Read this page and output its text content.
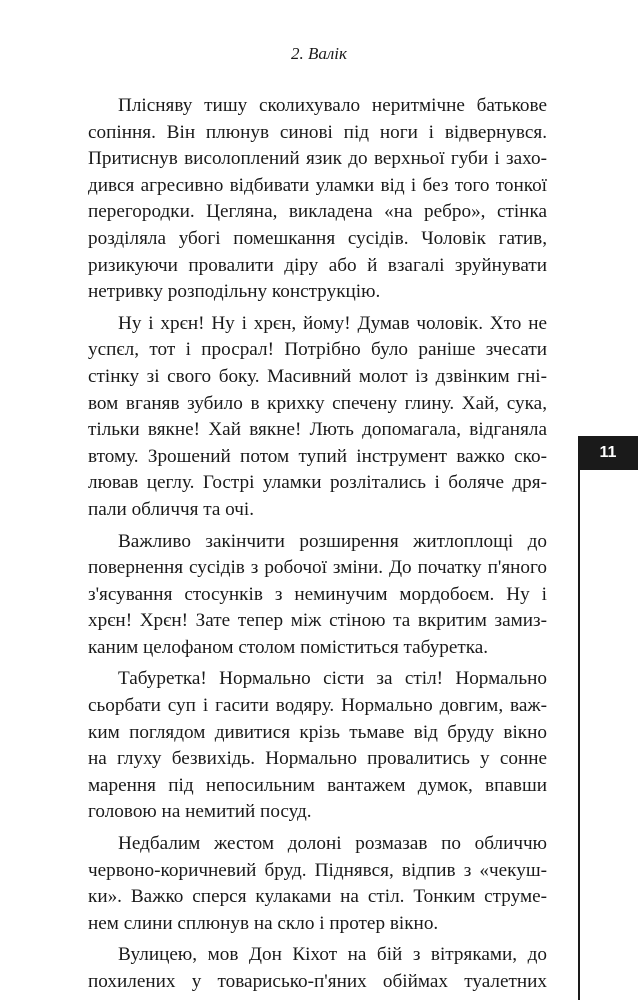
2. Валік

Плісняву тишу сколихувало неритмічне батькове
сопіння. Він плюнув синові під ноги і відвернувся.
Притиснув висолоплений язик до верхньої губи і захо-
дився агресивно відбивати уламки від і без того тонкої
перегородки. Цегляна, викладена «на ребро», стінка
розділяла убогі помешкання сусідів. Чоловік гатив,
ризикуючи провалити діру або й взагалі зруйнувати
нетривку розподільну конструкцію.

Ну і хрєн! Ну і хрєн, йому! Думав чоловік. Хто не
успєл, тот і просрал! Потрібно було раніше зчесати
стінку зі свого боку. Масивний молот із дзвінким гні-
вом вганяв зубило в крихку спечену глину. Хай, сука,
тільки вякне! Хай вякне! Лють допомагала, відганяла
втому. Зрошений потом тупий інструмент важко ско-
лював цеглу. Гострі уламки розлітались і боляче дря-
пали обличчя та очі.

Важливо закінчити розширення житлоплощі до
повернення сусідів з робочої зміни. До початку п'яного
з'ясування стосунків з неминучим мордобоєм. Ну і
хрєн! Хрєн! Зате тепер між стіною та вкритим замиз-
каним целофаном столом поміститься табуретка.

Табуретка! Нормально сісти за стіл! Нормально
сьорбати суп і гасити водяру. Нормально довгим, важ-
ким поглядом дивитися крізь тьмаве від бруду вікно
на глуху безвихідь. Нормально провалитись у сонне
марення під непосильним вантажем думок, впавши
головою на немитий посуд.

Недбалим жестом долоні розмазав по обличчю
червоно-коричневий бруд. Піднявся, відпив з «чекуш-
ки». Важко сперся кулаками на стіл. Тонким струме-
нем слини сплюнув на скло і протер вікно.

Вулицею, мов Дон Кіхот на бій з вітряками, до
похилених у товарисько-п'яних обіймах туалетних

11
